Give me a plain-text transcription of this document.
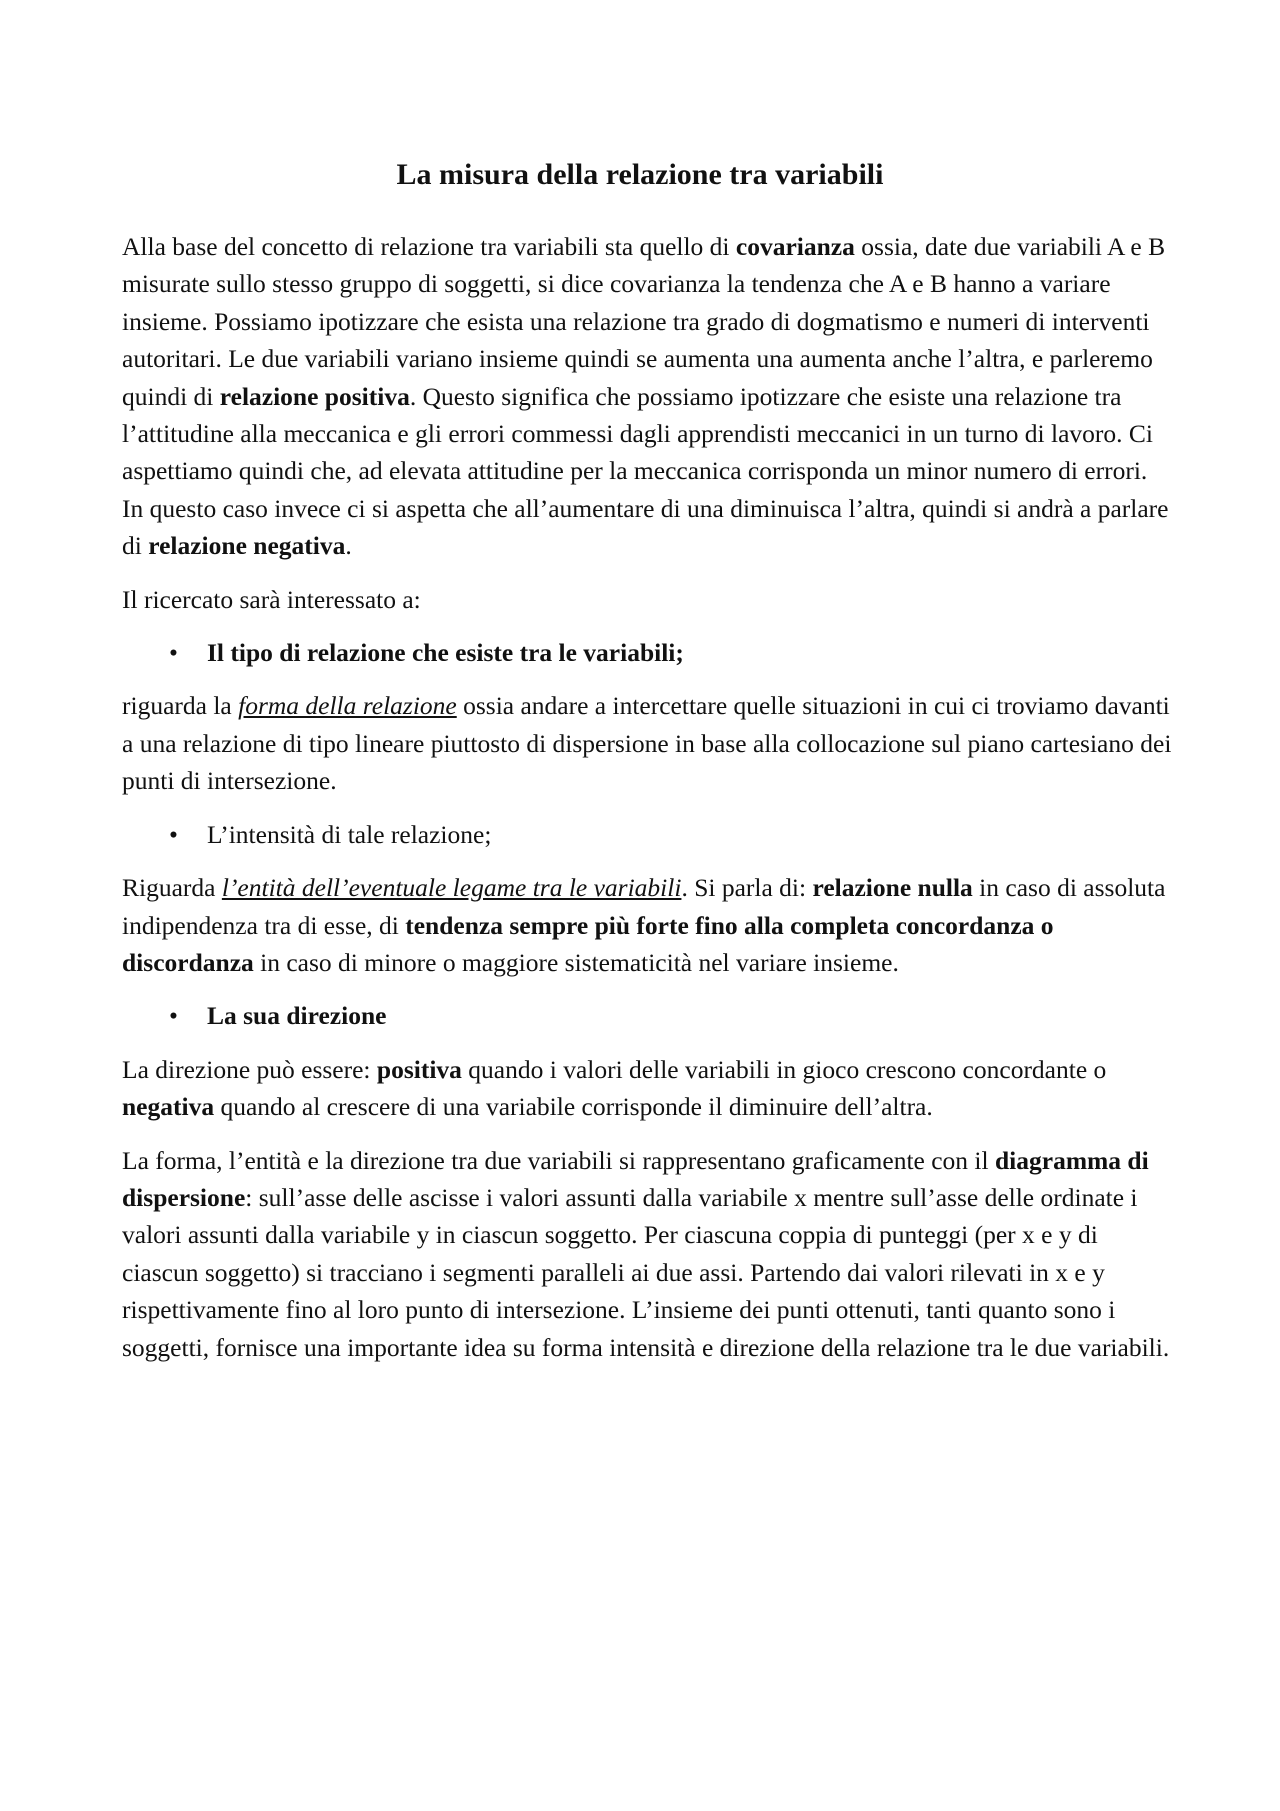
La misura della relazione tra variabili

Alla base del concetto di relazione tra variabili sta quello di covarianza ossia, date due variabili A e B misurate sullo stesso gruppo di soggetti, si dice covarianza la tendenza che A e B hanno a variare insieme. Possiamo ipotizzare che esista una relazione tra grado di dogmatismo e numeri di interventi autoritari. Le due variabili variano insieme quindi se aumenta una aumenta anche l’altra, e parleremo quindi di relazione positiva. Questo significa che possiamo ipotizzare che esiste una relazione tra l’attitudine alla meccanica e gli errori commessi dagli apprendisti meccanici in un turno di lavoro. Ci aspettiamo quindi che, ad elevata attitudine per la meccanica corrisponda un minor numero di errori. In questo caso invece ci si aspetta che all’aumentare di una diminuisca l’altra, quindi si andrà a parlare di relazione negativa.

Il ricercato sarà interessato a:

• Il tipo di relazione che esiste tra le variabili;

riguarda la forma della relazione ossia andare a intercettare quelle situazioni in cui ci troviamo davanti a una relazione di tipo lineare piuttosto di dispersione in base alla collocazione sul piano cartesiano dei punti di intersezione.

• L’intensità di tale relazione;

Riguarda l’entità dell’eventuale legame tra le variabili. Si parla di: relazione nulla in caso di assoluta indipendenza tra di esse, di tendenza sempre più forte fino alla completa concordanza o discordanza in caso di minore o maggiore sistematicità nel variare insieme.

• La sua direzione

La direzione può essere: positiva quando i valori delle variabili in gioco crescono concordante o negativa quando al crescere di una variabile corrisponde il diminuire dell’altra.

La forma, l’entità e la direzione tra due variabili si rappresentano graficamente con il diagramma di dispersione: sull’asse delle ascisse i valori assunti dalla variabile x mentre sull’asse delle ordinate i valori assunti dalla variabile y in ciascun soggetto. Per ciascuna coppia di punteggi (per x e y di ciascun soggetto) si tracciano i segmenti paralleli ai due assi. Partendo dai valori rilevati in x e y rispettivamente fino al loro punto di intersezione. L’insieme dei punti ottenuti, tanti quanto sono i soggetti, fornisce una importante idea su forma intensità e direzione della relazione tra le due variabili.
